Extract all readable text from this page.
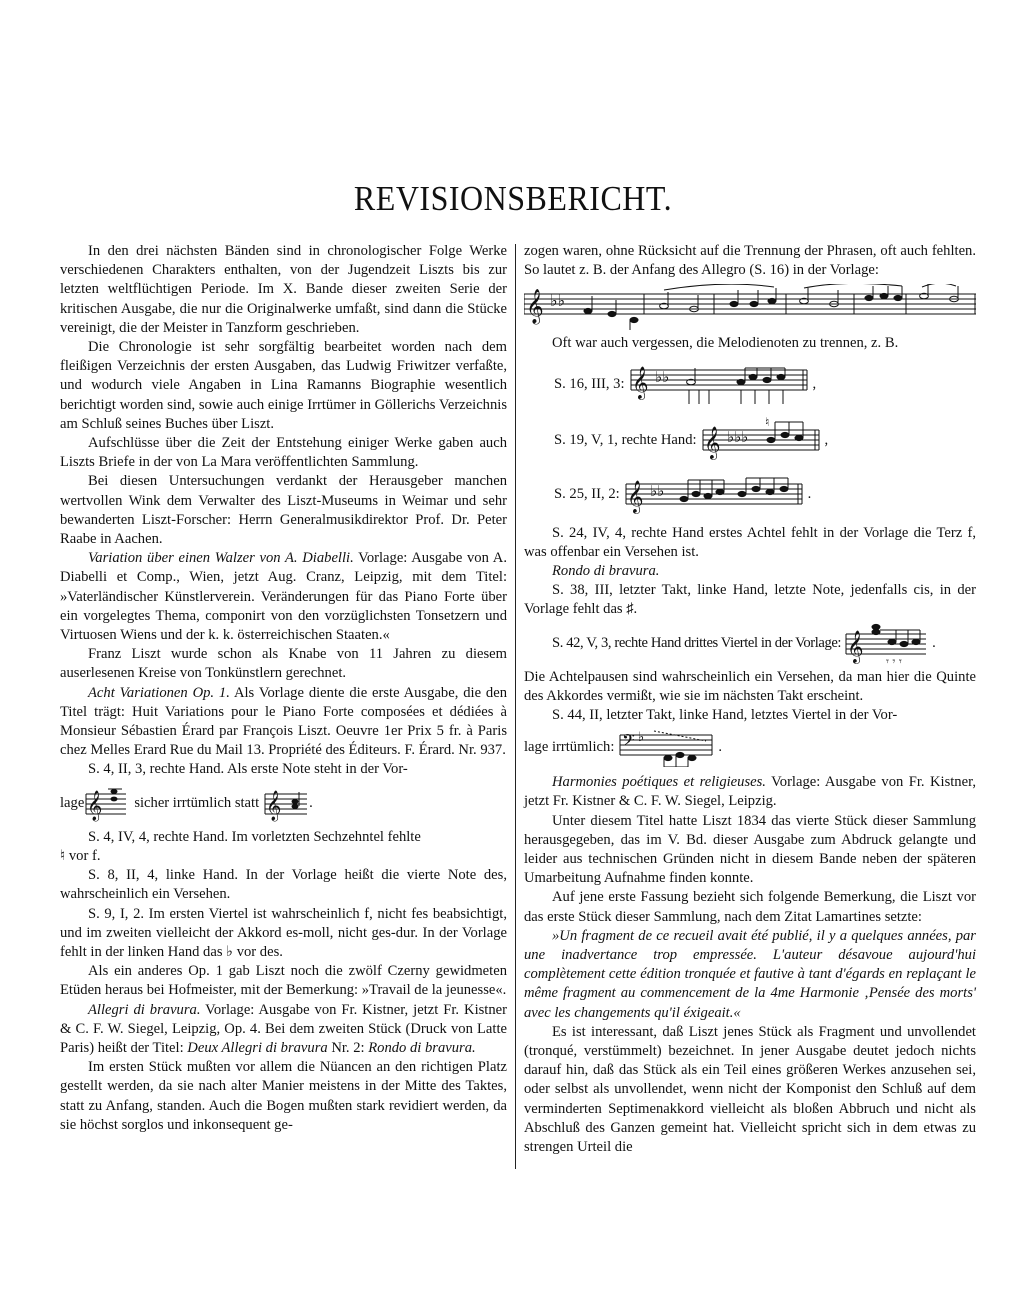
REVISIONSBERICHT.

In den drei nächsten Bänden sind in chronologischer Folge Werke verschiedenen Charakters enthalten, von der Jugendzeit Liszts bis zur letzten weltflüchtigen Periode. Im X. Bande dieser zweiten Serie der kritischen Ausgabe, die nur die Originalwerke umfaßt, sind dann die Stücke vereinigt, die der Meister in Tanzform geschrieben.

Die Chronologie ist sehr sorgfältig bearbeitet worden nach dem fleißigen Verzeichnis der ersten Ausgaben, das Ludwig Friwitzer verfaßte, und wodurch viele Angaben in Lina Ramanns Biographie wesentlich berichtigt worden sind, sowie auch einige Irrtümer in Göllerichs Verzeichnis am Schluß seines Buches über Liszt.

Aufschlüsse über die Zeit der Entstehung einiger Werke gaben auch Liszts Briefe in der von La Mara veröffentlichten Sammlung.

Bei diesen Untersuchungen verdankt der Herausgeber manchen wertvollen Wink dem Verwalter des Liszt-Museums in Weimar und sehr bewanderten Liszt-Forscher: Herrn Generalmusikdirektor Prof. Dr. Peter Raabe in Aachen.

Variation über einen Walzer von A. Diabelli. Vorlage: Ausgabe von A. Diabelli et Comp., Wien, jetzt Aug. Cranz, Leipzig, mit dem Titel: »Vaterländischer Künstlerverein. Veränderungen für das Piano Forte über ein vorgelegtes Thema, componirt von den vorzüglichsten Tonsetzern und Virtuosen Wiens und der k. k. österreichischen Staaten.«

Franz Liszt wurde schon als Knabe von 11 Jahren zu diesem auserlesenen Kreise von Tonkünstlern gerechnet.

Acht Variationen Op. 1. Als Vorlage diente die erste Ausgabe, die den Titel trägt: Huit Variations pour le Piano Forte composées et dédiées à Monsieur Sébastien Érard par François Liszt. Oeuvre 1er Prix 5 fr. à Paris chez Melles Erard Rue du Mail 13. Propriété des Éditeurs. F. Érard. Nr. 937.

S. 4, II, 3, rechte Hand. Als erste Note steht in der Vor-

lage 𝄞 sicher irrtümlich statt 𝄞 .

S. 4, IV, 4, rechte Hand. Im vorletzten Sechzehntel fehlte

♮ vor f.

S. 8, II, 4, linke Hand. In der Vorlage heißt die vierte Note des, wahrscheinlich ein Versehen.

S. 9, I, 2. Im ersten Viertel ist wahrscheinlich f, nicht fes beabsichtigt, und im zweiten vielleicht der Akkord es-moll, nicht ges-dur. In der Vorlage fehlt in der linken Hand das ♭ vor des.

Als ein anderes Op. 1 gab Liszt noch die zwölf Czerny gewidmeten Etüden heraus bei Hofmeister, mit der Bemerkung: »Travail de la jeunesse«.

Allegri di bravura. Vorlage: Ausgabe von Fr. Kistner, jetzt Fr. Kistner & C. F. W. Siegel, Leipzig, Op. 4. Bei dem zweiten Stück (Druck von Latte Paris) heißt der Titel: Deux Allegri di bravura Nr. 2: Rondo di bravura.

Im ersten Stück mußten vor allem die Nüancen an den richtigen Platz gestellt werden, da sie nach alter Manier meistens in der Mitte des Taktes, statt zu Anfang, standen. Auch die Bogen mußten stark revidiert werden, da sie höchst sorglos und inkonsequent ge-

zogen waren, ohne Rücksicht auf die Trennung der Phrasen, oft auch fehlten. So lautet z. B. der Anfang des Allegro (S. 16) in der Vorlage:

𝄞 ♭♭

Oft war auch vergessen, die Melodienoten zu trennen, z. B.

S. 16, III, 3: 𝄞 ♭♭	,
S. 19, V, 1, rechte Hand: 𝄞 ♭♭♭
♮
,
S. 25, II, 2: 𝄞 ♭♭	.

S. 24, IV, 4, rechte Hand erstes Achtel fehlt in der Vorlage die Terz f, was offenbar ein Versehen ist.

Rondo di bravura.

S. 38, III, letzter Takt, linke Hand, letzte Note, jedenfalls cis, in der Vorlage fehlt das ♯.

S. 42, V, 3, rechte Hand drittes Viertel in der Vorlage: 𝄞 𝄾 𝄾 𝄾
.

Die Achtelpausen sind wahrscheinlich ein Versehen, da man hier die Quinte des Akkordes vermißt, wie sie im nächsten Takt erscheint.

S. 44, II, letzter Takt, linke Hand, letztes Viertel in der Vor-

lage irrtümlich: 𝄢 ♭
.

Harmonies poétiques et religieuses. Vorlage: Ausgabe von Fr. Kistner, jetzt Fr. Kistner & C. F. W. Siegel, Leipzig.

Unter diesem Titel hatte Liszt 1834 das vierte Stück dieser Sammlung herausgegeben, das im V. Bd. dieser Ausgabe zum Abdruck gelangte und leider aus technischen Gründen nicht in diesem Bande neben der späteren Umarbeitung Aufnahme finden konnte.

Auf jene erste Fassung bezieht sich folgende Bemerkung, die Liszt vor das erste Stück dieser Sammlung, nach dem Zitat Lamartines setzte:

»Un fragment de ce recueil avait été publié, il y a quelques années, par une inadvertance trop empressée. L'auteur désavoue aujourd'hui complètement cette édition tronquée et fautive à tant d'égards en replaçant le même fragment au commencement de la 4me Harmonie ‚Pensée des morts' avec les changements qu'il éxigeait.«

Es ist interessant, daß Liszt jenes Stück als Fragment und unvollendet (tronqué, verstümmelt) bezeichnet. In jener Ausgabe deutet jedoch nichts darauf hin, daß das Stück als ein Teil eines größeren Werkes anzusehen sei, oder selbst als unvollendet, wenn nicht der Komponist den Schluß auf dem verminderten Septimenakkord vielleicht als bloßen Abbruch und nicht als Abschluß des Ganzen gemeint hat. Vielleicht spricht sich in dem etwas zu strengen Urteil die
